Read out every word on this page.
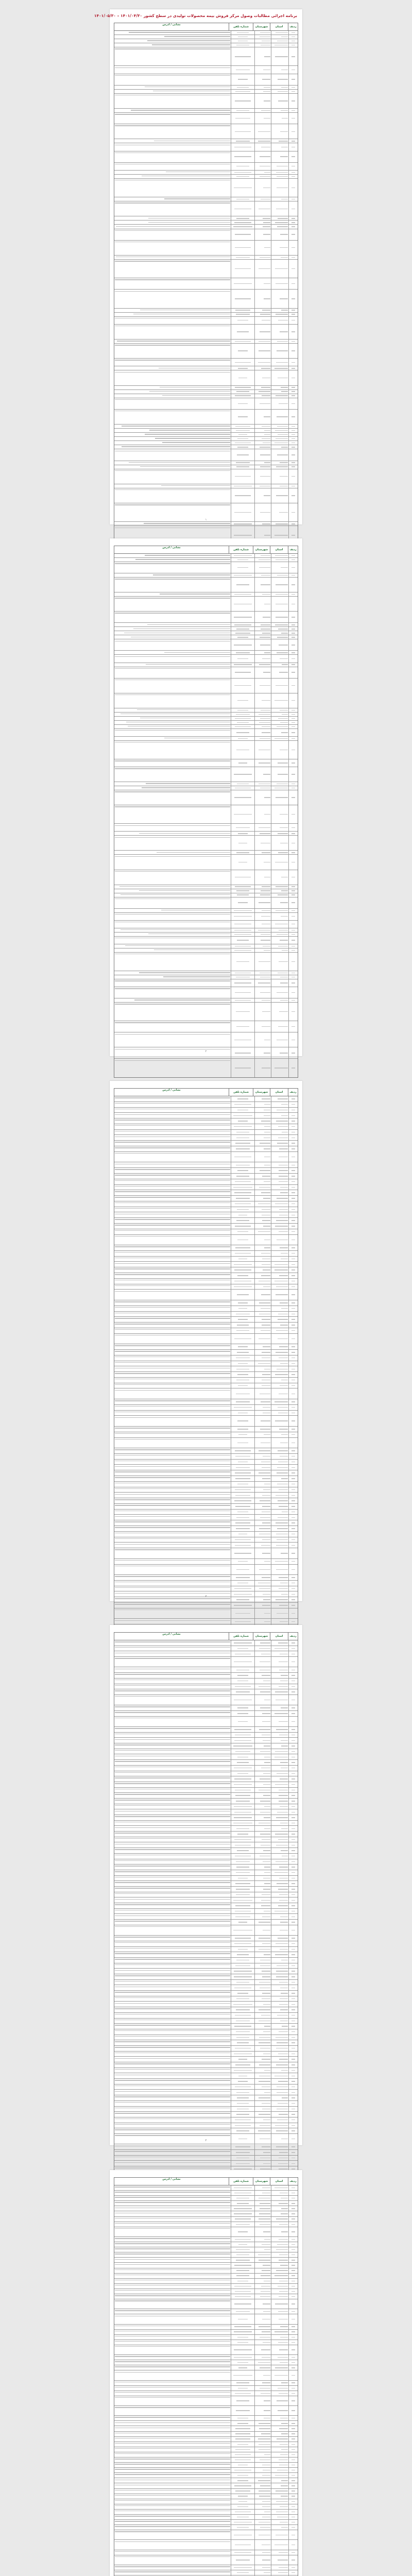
برنامه اجرائی مطالبات وصول مرکز فروش بیمه محصولات تولیدی در سطح کشور ۱۴۰۱/۰۴/۳۰ – ۱۴۰۱/۰۵/۳۰
ردیف
استان
شهرستان
شماره تلفن
نشانی / آدرس
۱
ردیف
استان
شهرستان
شماره تلفن
نشانی / آدرس
۲
ردیف
استان
شهرستان
شماره تلفن
نشانی / آدرس
۳
ردیف
استان
شهرستان
شماره تلفن
نشانی / آدرس
۴
ردیف
استان
شهرستان
شماره تلفن
نشانی / آدرس
